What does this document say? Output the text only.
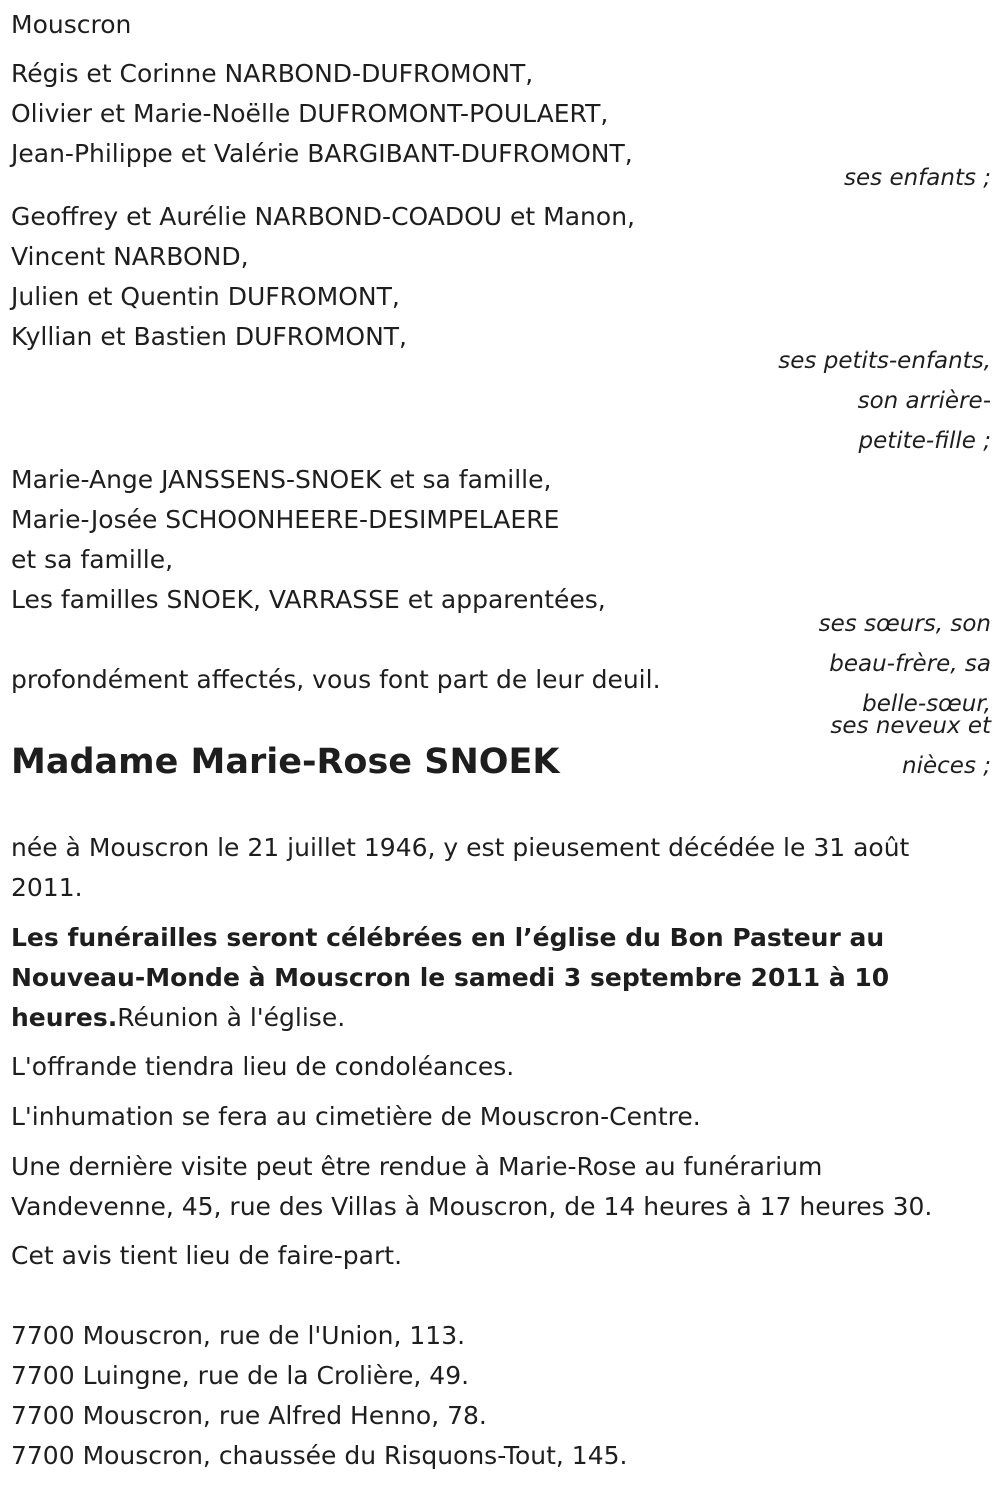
Mouscron
Régis et Corinne NARBOND-DUFROMONT,
Olivier et Marie-Noëlle DUFROMONT-POULAERT,
Jean-Philippe et Valérie BARGIBANT-DUFROMONT,
ses enfants ;
Geoffrey et Aurélie NARBOND-COADOU et Manon,
Vincent NARBOND,
Julien et Quentin DUFROMONT,
Kyllian et Bastien DUFROMONT,
ses petits-enfants,
son arrière-
petite-fille ;
Marie-Ange JANSSENS-SNOEK et sa famille,
Marie-Josée SCHOONHEERE-DESIMPELAERE
et sa famille,
Les familles SNOEK, VARRASSE et apparentées,
ses sœurs, son
beau-frère, sa
belle-sœur,
profondément affectés, vous font part de leur deuil.
ses neveux et
nièces ;
Madame Marie-Rose SNOEK
née à Mouscron le 21 juillet 1946, y est pieusement décédée le 31 août
2011.
Les funérailles seront célébrées en l’église du Bon Pasteur au
Nouveau-Monde à Mouscron le samedi 3 septembre 2011 à 10
heures.Réunion à l'église.
L'offrande tiendra lieu de condoléances.
L'inhumation se fera au cimetière de Mouscron-Centre.
Une dernière visite peut être rendue à Marie-Rose au funérarium
Vandevenne, 45, rue des Villas à Mouscron, de 14 heures à 17 heures 30.
Cet avis tient lieu de faire-part.
7700 Mouscron, rue de l'Union, 113.
7700 Luingne, rue de la Crolière, 49.
7700 Mouscron, rue Alfred Henno, 78.
7700 Mouscron, chaussée du Risquons-Tout, 145.
